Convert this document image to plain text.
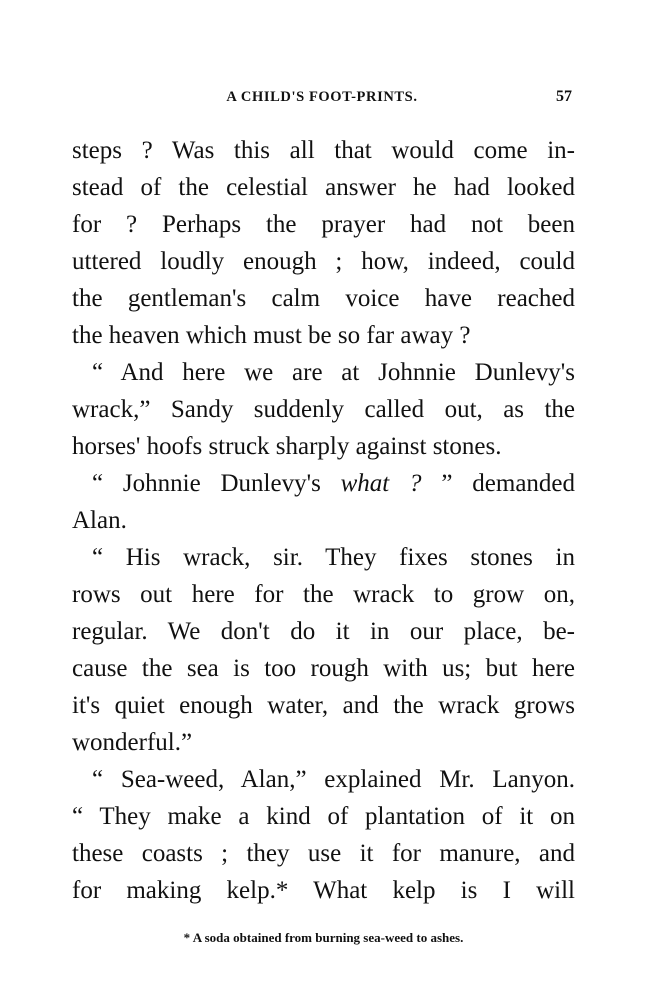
A CHILD'S FOOT-PRINTS.	57
steps ? Was this all that would come in-
stead of the celestial answer he had looked
for ? Perhaps the prayer had not been
uttered loudly enough ; how, indeed, could
the gentleman's calm voice have reached
the heaven which must be so far away ?
“ And here we are at Johnnie Dunlevy's
wrack,” Sandy suddenly called out, as the
horses' hoofs struck sharply against stones.
“ Johnnie Dunlevy's what ? ” demanded
Alan.
“ His wrack, sir. They fixes stones in
rows out here for the wrack to grow on,
regular. We don't do it in our place, be-
cause the sea is too rough with us; but here
it's quiet enough water, and the wrack grows
wonderful.”
“ Sea-weed, Alan,” explained Mr. Lanyon.
“ They make a kind of plantation of it on
these coasts ; they use it for manure, and
for making kelp.* What kelp is I will
* A soda obtained from burning sea-weed to ashes.
